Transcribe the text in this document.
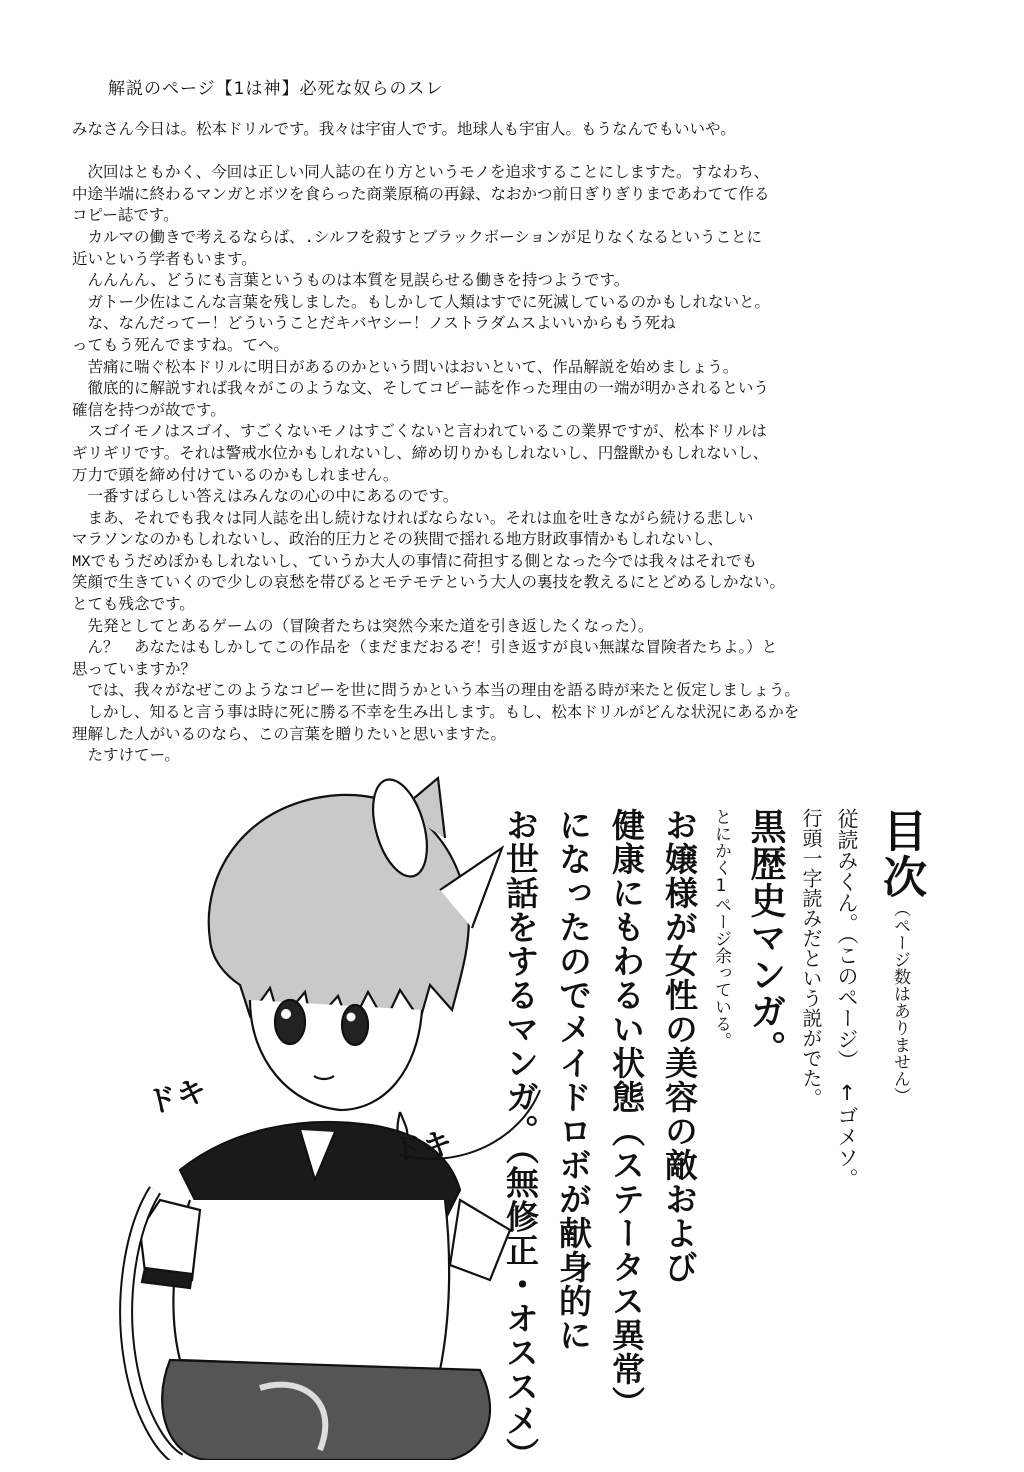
解説のページ【1は神】必死な奴らのスレ
みなさん今日は。松本ドリルです。我々は宇宙人です。地球人も宇宙人。もうなんでもいいや。

　次回はともかく、今回は正しい同人誌の在り方というモノを追求することにしますた。すなわち、
中途半端に終わるマンガとボツを食らった商業原稿の再録、なおかつ前日ぎりぎりまであわてて作る
コピー誌です。
　カルマの働きで考えるならば、.シルフを殺すとブラックボーションが足りなくなるということに
近いという学者もいます。
　んんんん、どうにも言葉というものは本質を見誤らせる働きを持つようです。
　ガトー少佐はこんな言葉を残しました。もしかして人類はすでに死滅しているのかもしれないと。
　な、なんだってー！どういうことだキバヤシー！ノストラダムスよいいからもう死ね
ってもう死んでますね。てへ。
　苦痛に喘ぐ松本ドリルに明日があるのかという問いはおいといて、作品解説を始めましょう。
　徹底的に解説すれば我々がこのような文、そしてコピー誌を作った理由の一端が明かされるという
確信を持つが故です。
　スゴイモノはスゴイ、すごくないモノはすごくないと言われているこの業界ですが、松本ドリルは
ギリギリです。それは警戒水位かもしれないし、締め切りかもしれないし、円盤獣かもしれないし、
万力で頭を締め付けているのかもしれません。
　一番すばらしい答えはみんなの心の中にあるのです。
　まあ、それでも我々は同人誌を出し続けなければならない。それは血を吐きながら続ける悲しい
マラソンなのかもしれないし、政治的圧力とその狭間で揺れる地方財政事情かもしれないし、
MXでもうだめぽかもしれないし、ていうか大人の事情に荷担する側となった今では我々はそれでも
笑顔で生きていくので少しの哀愁を帯びるとモテモテという大人の裏技を教えるにとどめるしかない。
とても残念です。
　先発としてとあるゲームの（冒険者たちは突然今来た道を引き返したくなった）。
　ん？　あなたはもしかしてこの作品を（まだまだおるぞ！引き返すが良い無謀な冒険者たちよ。）と
思っていますか？
　では、我々がなぜこのようなコピーを世に問うかという本当の理由を語る時が来たと仮定しましょう。
　しかし、知ると言う事は時に死に勝る不幸を生み出します。もし、松本ドリルがどんな状況にあるかを
理解した人がいるのなら、この言葉を贈りたいと思いますた。
　たすけてー。

ドキ
ドキ
目次（ページ数はありません）
従読みくん。（このページ）　↑ゴメソ。
行頭一字読みだという説がでた。
黒歴史マンガ。
とにかく1ページ余っている。
お嬢様が女性の美容の敵および
健康にもわるい状態（ステータス異常）
になったのでメイドロボが献身的に
お世話をするマンガ。（無修正・オススメ）
